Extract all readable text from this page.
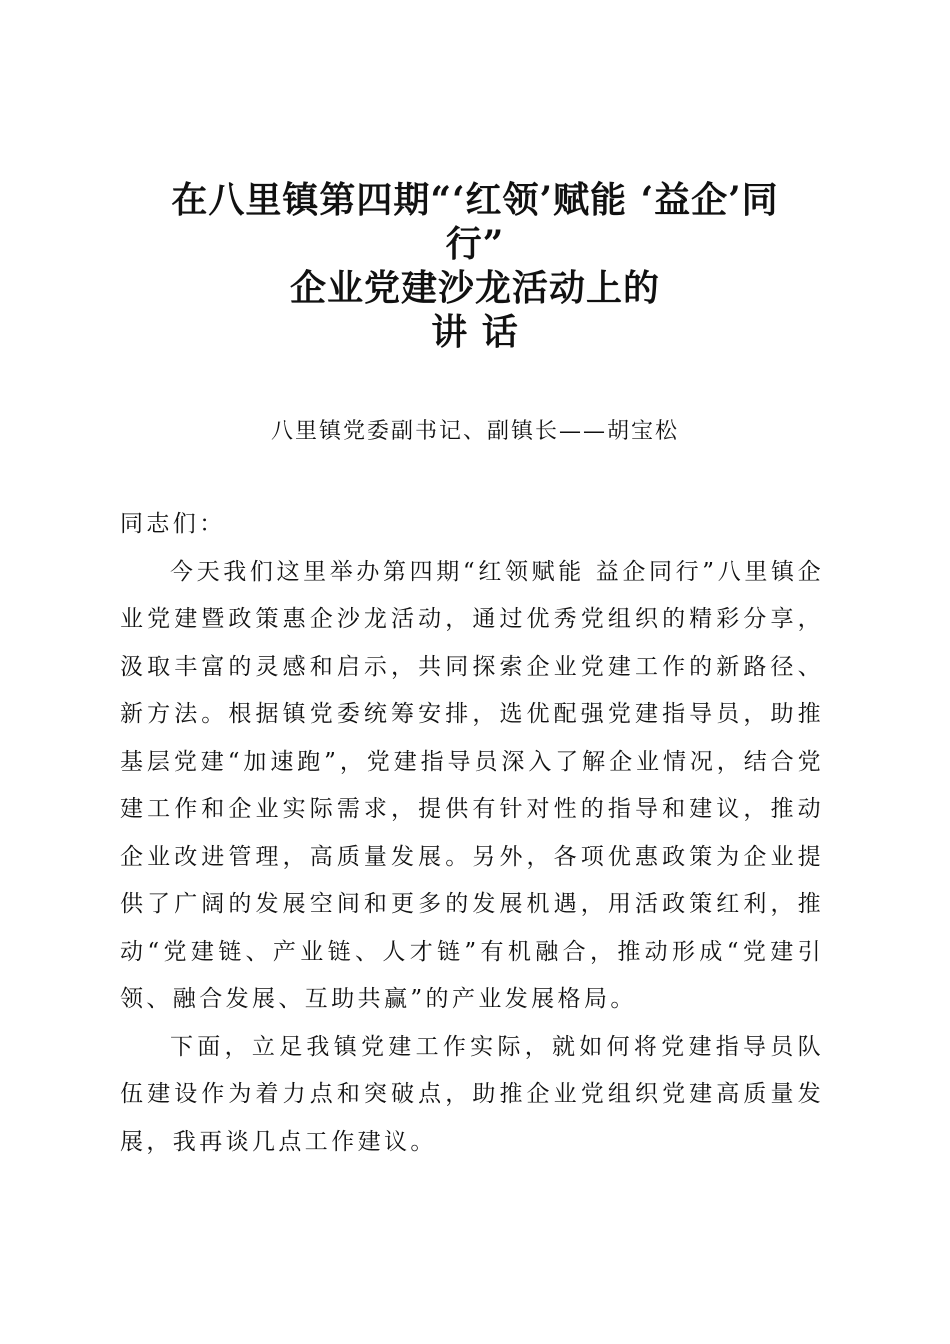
在八里镇第四期“‘红领’赋能 ‘益企’同
行”
企业党建沙龙活动上的
讲 话

八里镇党委副书记、副镇长——胡宝松

同志们：

今天我们这里举办第四期“红领赋能 益企同行”八里镇企业党建暨政策惠企沙龙活动，通过优秀党组织的精彩分享，汲取丰富的灵感和启示，共同探索企业党建工作的新路径、新方法。根据镇党委统筹安排，选优配强党建指导员，助推基层党建“加速跑”，党建指导员深入了解企业情况，结合党建工作和企业实际需求，提供有针对性的指导和建议，推动企业改进管理，高质量发展。另外，各项优惠政策为企业提供了广阔的发展空间和更多的发展机遇，用活政策红利，推动“党建链、产业链、人才链”有机融合，推动形成“党建引领、融合发展、互助共赢”的产业发展格局。

下面，立足我镇党建工作实际，就如何将党建指导员队伍建设作为着力点和突破点，助推企业党组织党建高质量发展，我再谈几点工作建议。
